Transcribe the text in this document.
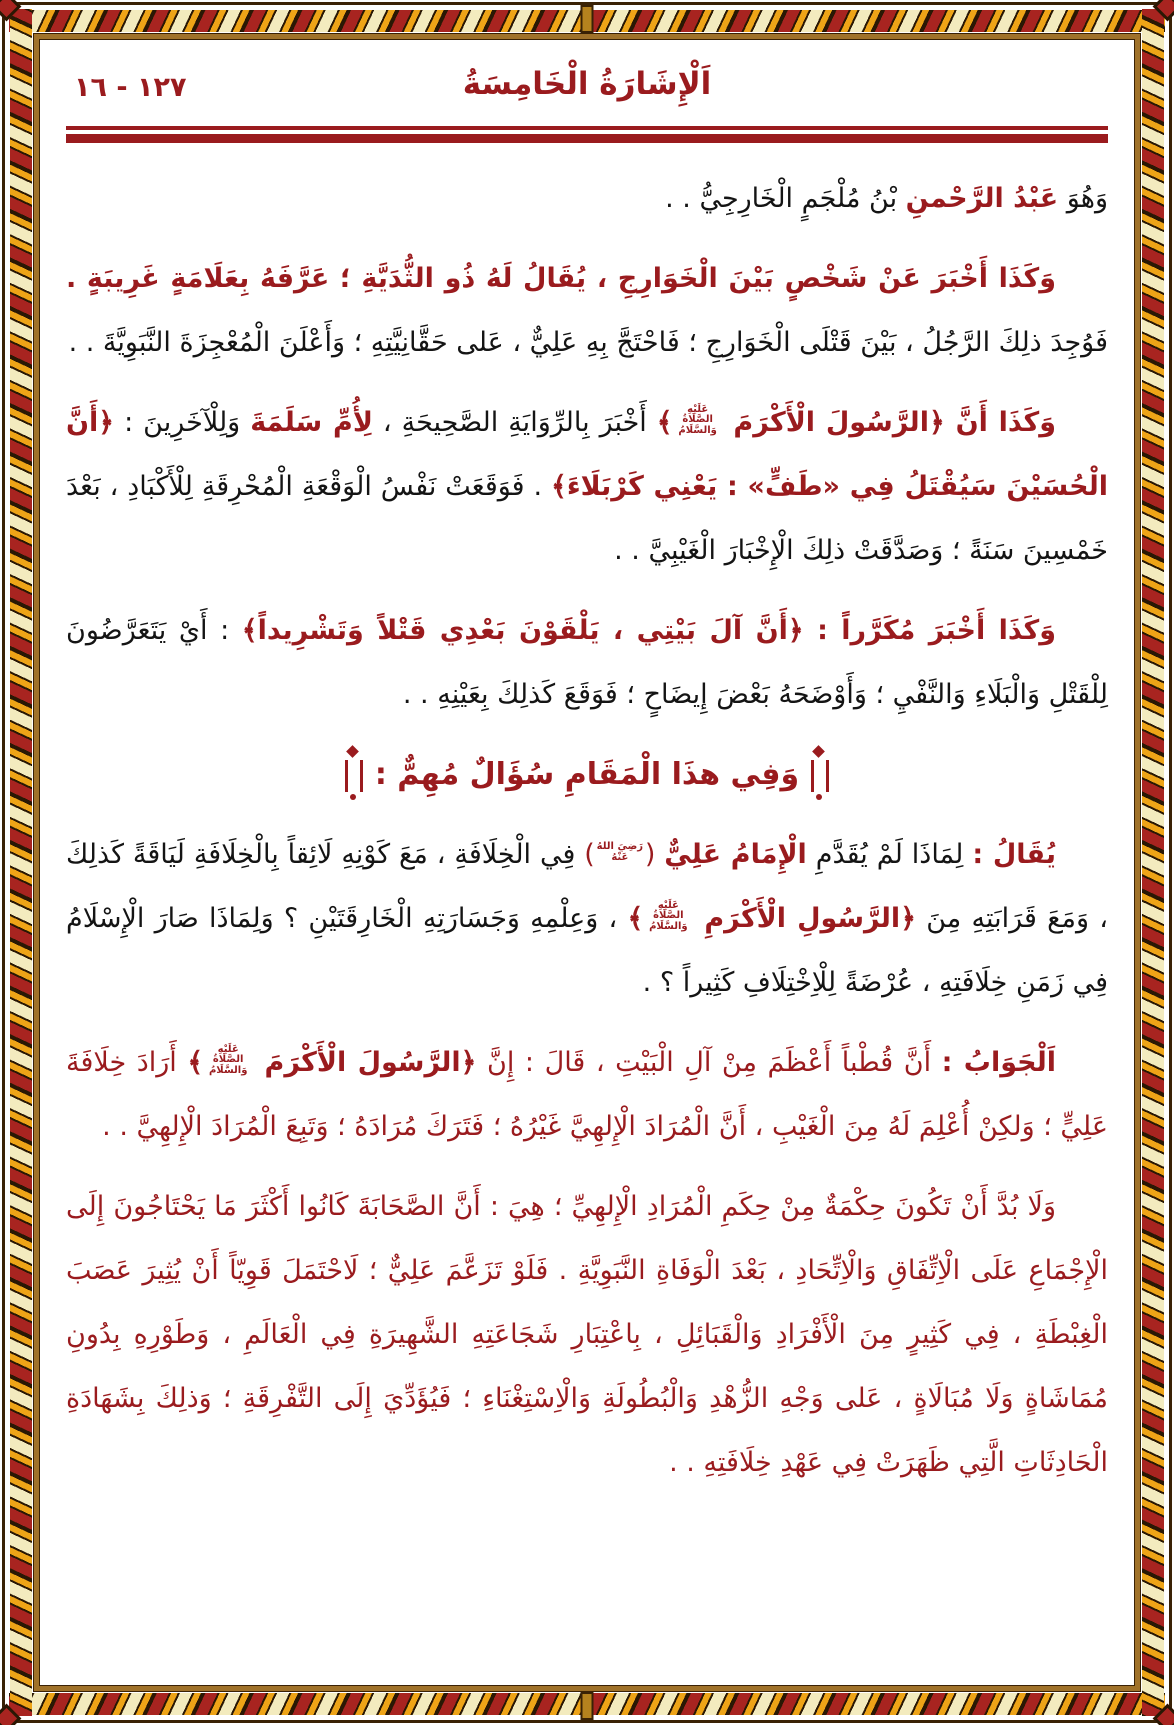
١٢٧ - ١٦	اَلْإِشَارَةُ الْخَامِسَةُ

وَهُوَ عَبْدُ الرَّحْمنِ بْنُ مُلْجَمٍ الْخَارِجِيُّ . .

وَكَذَا أَخْبَرَ عَنْ شَخْصٍ بَيْنَ الْخَوَارِجِ ، يُقَالُ لَهُ ذُو الثُّدَيَّةِ ؛ عَرَّفَهُ بِعَلَامَةٍ غَرِيبَةٍ . فَوُجِدَ ذلِكَ الرَّجُلُ ، بَيْنَ قَتْلَى الْخَوَارِجِ ؛ فَاحْتَجَّ بِهِ عَلِيٌّ ، عَلى حَقَّانِيَّتِهِ ؛ وَأَعْلَنَ الْمُعْجِزَةَ النَّبَوِيَّةَ . .

وَكَذَا أَنَّ ﴿الرَّسُولَ الْأَكْرَمَ عَلَيْهِ الصَّلَاةُ وَالسَّلَامُ﴾ أَخْبَرَ بِالرِّوَايَةِ الصَّحِيحَةِ ، لِأُمِّ سَلَمَةَ وَلِلْآخَرِينَ : ﴿أَنَّ الْحُسَيْنَ سَيُقْتَلُ فِي «طَفٍّ» : يَعْنِي كَرْبَلَاءَ﴾ . فَوَقَعَتْ نَفْسُ الْوَقْعَةِ الْمُحْرِقَةِ لِلْأَكْبَادِ ، بَعْدَ خَمْسِينَ سَنَةً ؛ وَصَدَّقَتْ ذلِكَ الْإِخْبَارَ الْغَيْبِيَّ . .

وَكَذَا أَخْبَرَ مُكَرَّراً : ﴿أَنَّ آلَ بَيْتِي ، يَلْقَوْنَ بَعْدِي قَتْلاً وَتَشْرِيداً﴾ : أَيْ يَتَعَرَّضُونَ لِلْقَتْلِ وَالْبَلَاءِ وَالنَّفْيِ ؛ وَأَوْضَحَهُ بَعْضَ إِيضَاحٍ ؛ فَوَقَعَ كَذلِكَ بِعَيْنِهِ . .

وَفِي هذَا الْمَقَامِ سُؤَالٌ مُهِمٌّ :

يُقَالُ : لِمَاذَا لَمْ يُقَدَّمِ الْإِمَامُ عَلِيٌّ (رَضِيَ اللهُ عَنْهُ) فِي الْخِلَافَةِ ، مَعَ كَوْنِهِ لَائِقاً بِالْخِلَافَةِ لَيَاقَةً كَذلِكَ ، وَمَعَ قَرَابَتِهِ مِنَ ﴿الرَّسُولِ الْأَكْرَمِ عَلَيْهِ الصَّلَاةُ وَالسَّلَامُ﴾ ، وَعِلْمِهِ وَجَسَارَتِهِ الْخَارِقَتَيْنِ ؟ وَلِمَاذَا صَارَ الْإِسْلَامُ فِي زَمَنِ خِلَافَتِهِ ، عُرْضَةً لِلْاِخْتِلَافِ كَثِيراً ؟ .

اَلْجَوَابُ : أَنَّ قُطْباً أَعْظَمَ مِنْ آلِ الْبَيْتِ ، قَالَ : إِنَّ ﴿الرَّسُولَ الْأَكْرَمَ عَلَيْهِ الصَّلَاةُ وَالسَّلَامُ﴾ أَرَادَ خِلَافَةَ عَلِيٍّ ؛ وَلكِنْ أُعْلِمَ لَهُ مِنَ الْغَيْبِ ، أَنَّ الْمُرَادَ الْإِلهِيَّ غَيْرُهُ ؛ فَتَرَكَ مُرَادَهُ ؛ وَتَبِعَ الْمُرَادَ الْإِلهِيَّ . .

وَلَا بُدَّ أَنْ تَكُونَ حِكْمَةٌ مِنْ حِكَمِ الْمُرَادِ الْإِلهِيِّ ؛ هِيَ : أَنَّ الصَّحَابَةَ كَانُوا أَكْثَرَ مَا يَحْتَاجُونَ إِلَى الْإِجْمَاعِ عَلَى الْاِتِّفَاقِ وَالْاِتِّحَادِ ، بَعْدَ الْوَفَاةِ النَّبَوِيَّةِ . فَلَوْ تَزَعَّمَ عَلِيٌّ ؛ لَاحْتَمَلَ قَوِيّاً أَنْ يُثِيرَ عَصَبَ الْغِبْطَةِ ، فِي كَثِيرٍ مِنَ الْأَفْرَادِ وَالْقَبَائِلِ ، بِاعْتِبَارِ شَجَاعَتِهِ الشَّهِيرَةِ فِي الْعَالَمِ ، وَطَوْرِهِ بِدُونِ مُمَاشَاةٍ وَلَا مُبَالَاةٍ ، عَلى وَجْهِ الزُّهْدِ وَالْبُطُولَةِ وَالْاِسْتِغْنَاءِ ؛ فَيُؤَدِّيَ إِلَى التَّفْرِقَةِ ؛ وَذلِكَ بِشَهَادَةِ الْحَادِثَاتِ الَّتِي ظَهَرَتْ فِي عَهْدِ خِلَافَتِهِ . .
